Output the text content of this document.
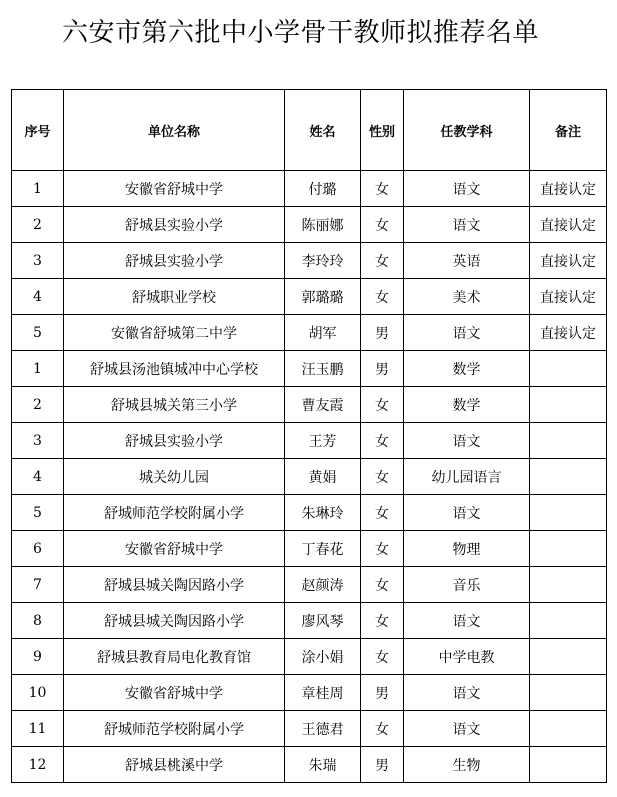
六安市第六批中小学骨干教师拟推荐名单
序号	单位名称	姓名	性别	任教学科	备注
1	安徽省舒城中学	付璐	女	语文	直接认定
2	舒城县实验小学	陈丽娜	女	语文	直接认定
3	舒城县实验小学	李玲玲	女	英语	直接认定
4	舒城职业学校	郭璐璐	女	美术	直接认定
5	安徽省舒城第二中学	胡军	男	语文	直接认定
1	舒城县汤池镇城冲中心学校	汪玉鹏	男	数学	
2	舒城县城关第三小学	曹友霞	女	数学	
3	舒城县实验小学	王芳	女	语文	
4	城关幼儿园	黄娟	女	幼儿园语言	
5	舒城师范学校附属小学	朱琳玲	女	语文	
6	安徽省舒城中学	丁春花	女	物理	
7	舒城县城关陶因路小学	赵颜涛	女	音乐	
8	舒城县城关陶因路小学	廖风琴	女	语文	
9	舒城县教育局电化教育馆	涂小娟	女	中学电教	
10	安徽省舒城中学	章桂周	男	语文	
11	舒城师范学校附属小学	王德君	女	语文	
12	舒城县桃溪中学	朱瑞	男	生物	
